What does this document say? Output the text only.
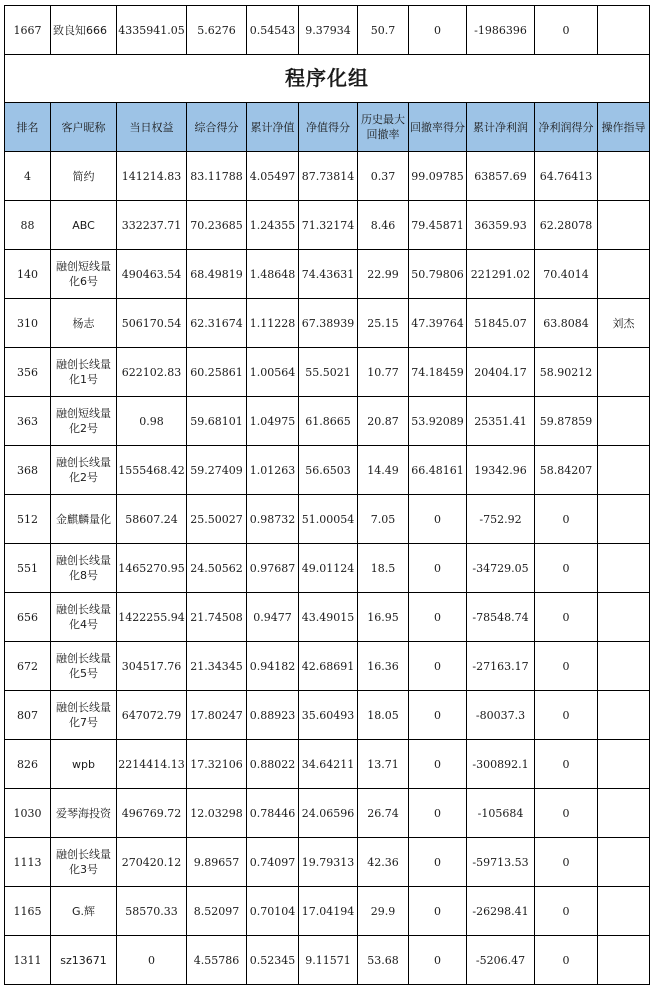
1667	致良知666	4335941.05	5.6276	0.54543	9.37934	50.7	0	-1986396	0	
程序化组										
排名	客户昵称	当日权益	综合得分	累计净值	净值得分	历史最大回撤率	回撤率得分	累计净利润	净利润得分	操作指导
4	简约	141214.83	83.11788	4.05497	87.73814	0.37	99.09785	63857.69	64.76413	
88	ABC	332237.71	70.23685	1.24355	71.32174	8.46	79.45871	36359.93	62.28078	
140	融创短线量化6号	490463.54	68.49819	1.48648	74.43631	22.99	50.79806	221291.02	70.4014	
310	杨志	506170.54	62.31674	1.11228	67.38939	25.15	47.39764	51845.07	63.8084	刘杰
356	融创长线量化1号	622102.83	60.25861	1.00564	55.5021	10.77	74.18459	20404.17	58.90212	
363	融创短线量化2号	0.98	59.68101	1.04975	61.8665	20.87	53.92089	25351.41	59.87859	
368	融创长线量化2号	1555468.42	59.27409	1.01263	56.6503	14.49	66.48161	19342.96	58.84207	
512	金麒麟量化	58607.24	25.50027	0.98732	51.00054	7.05	0	-752.92	0	
551	融创长线量化8号	1465270.95	24.50562	0.97687	49.01124	18.5	0	-34729.05	0	
656	融创长线量化4号	1422255.94	21.74508	0.9477	43.49015	16.95	0	-78548.74	0	
672	融创长线量化5号	304517.76	21.34345	0.94182	42.68691	16.36	0	-27163.17	0	
807	融创长线量化7号	647072.79	17.80247	0.88923	35.60493	18.05	0	-80037.3	0	
826	wpb	2214414.13	17.32106	0.88022	34.64211	13.71	0	-300892.1	0	
1030	爱琴海投资	496769.72	12.03298	0.78446	24.06596	26.74	0	-105684	0	
1113	融创长线量化3号	270420.12	9.89657	0.74097	19.79313	42.36	0	-59713.53	0	
1165	G.辉	58570.33	8.52097	0.70104	17.04194	29.9	0	-26298.41	0	
1311	sz13671	0	4.55786	0.52345	9.11571	53.68	0	-5206.47	0	
